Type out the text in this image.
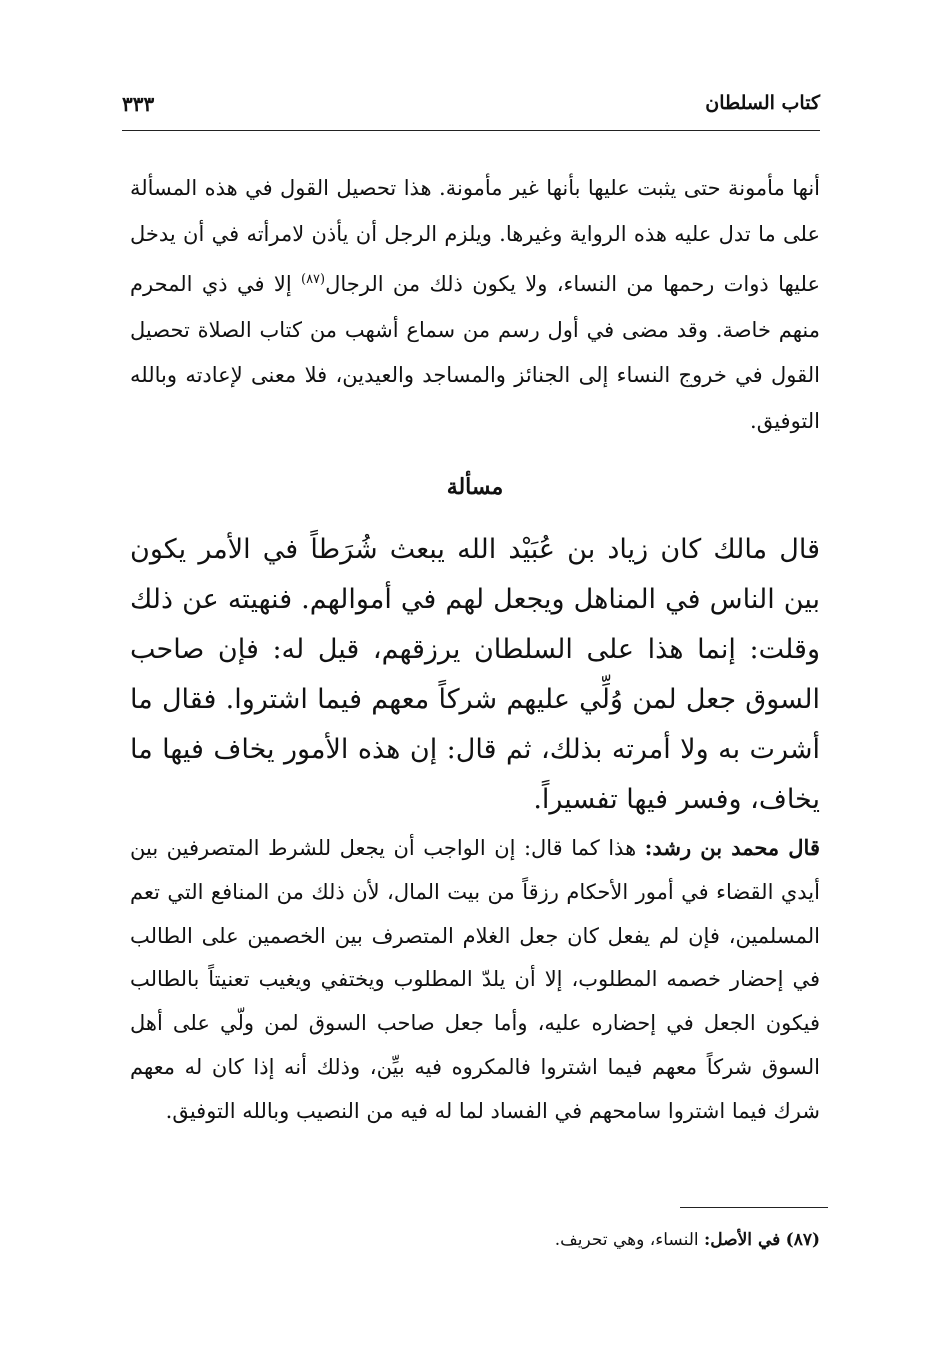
كتاب السلطان
٣٣٣
أنها مأمونة حتى يثبت عليها بأنها غير مأمونة. هذا تحصيل القول في هذه المسألة على ما تدل عليه هذه الرواية وغيرها. ويلزم الرجل أن يأذن لامرأته في أن يدخل عليها ذوات رحمها من النساء، ولا يكون ذلك من الرجال$^{(٨٧)}$ إلا في ذي المحرم منهم خاصة. وقد مضى في أول رسم من سماع أشهب من كتاب الصلاة تحصيل القول في خروج النساء إلى الجنائز والمساجد والعيدين، فلا معنى لإعادته وبالله التوفيق.
مسألة
قال مالك كان زياد بن عُبَيْد الله يبعث شُرَطاً في الأمر يكون بين الناس في المناهل ويجعل لهم في أموالهم. فنهيته عن ذلك وقلت: إنما هذا على السلطان يرزقهم، قيل له: فإن صاحب السوق جعل لمن وُلِّي عليهم شركاً معهم فيما اشتروا. فقال ما أشرت به ولا أمرته بذلك، ثم قال: إن هذه الأمور يخاف فيها ما يخاف، وفسر فيها تفسيراً.
قال محمد بن رشد: هذا كما قال: إن الواجب أن يجعل للشرط المتصرفين بين أيدي القضاء في أمور الأحكام رزقاً من بيت المال، لأن ذلك من المنافع التي تعم المسلمين، فإن لم يفعل كان جعل الغلام المتصرف بين الخصمين على الطالب في إحضار خصمه المطلوب، إلا أن يلدّ المطلوب ويختفي ويغيب تعنيتاً بالطالب فيكون الجعل في إحضاره عليه، وأما جعل صاحب السوق لمن ولّي على أهل السوق شركاً معهم فيما اشتروا فالمكروه فيه بيِّن، وذلك أنه إذا كان له معهم شرك فيما اشتروا سامحهم في الفساد لما له فيه من النصيب وبالله التوفيق.
(٨٧) في الأصل: النساء، وهي تحريف.
